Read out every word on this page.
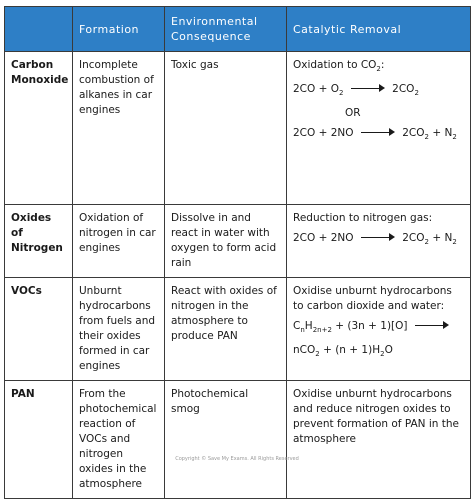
	Formation	Environmental Consequence	Catalytic Removal

Carbon Monoxide	Incomplete combustion of alkanes in car engines	Toxic gas	Oxidation to $CO_2$:
$2CO + O_2$ $2CO_2$
OR
2CO + 2NO $2CO_2 + N_2$

Oxides of Nitrogen	Oxidation of nitrogen in car engines	Dissolve in and react in water with oxygen to form acid rain	Reduction to nitrogen gas:
2CO + 2NO $2CO_2 + N_2$

VOCs	Unburnt hydrocarbons from fuels and their oxides formed in car engines	React with oxides of nitrogen in the atmosphere to produce PAN	Oxidise unburnt hydrocarbons to carbon dioxide and water:
$C_nH_{2n+2} + (3n + 1)[O]$
$nCO_2 + (n + 1)H_2O$

PAN	From the photochemical reaction of VOCs and nitrogen oxides in the atmosphere	Photochemical smog	Oxidise unburnt hydrocarbons and reduce nitrogen oxides to prevent formation of PAN in the atmosphere
Copyright © Save My Exams. All Rights Reserved
